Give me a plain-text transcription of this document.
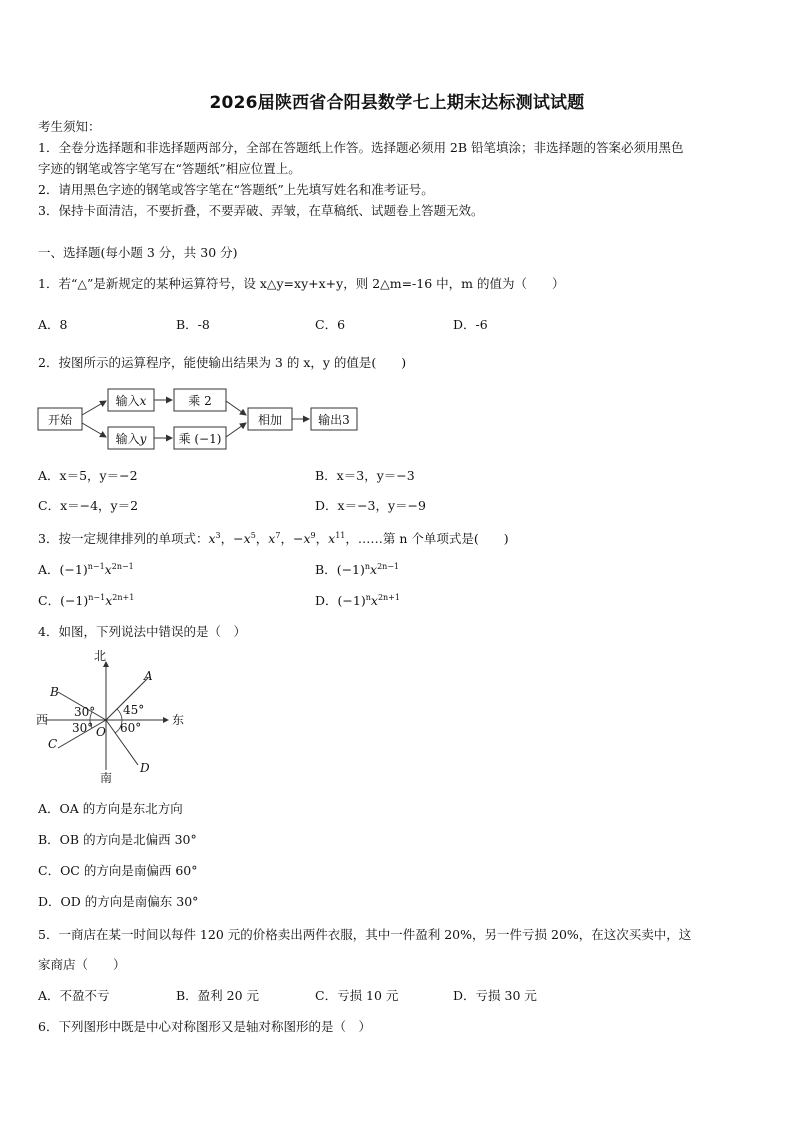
2026届陕西省合阳县数学七上期末达标测试试题
考生须知：
1．全卷分选择题和非选择题两部分，全部在答题纸上作答。选择题必须用 2B 铅笔填涂；非选择题的答案必须用黑色
字迹的钢笔或答字笔写在“答题纸”相应位置上。
2．请用黑色字迹的钢笔或答字笔在“答题纸”上先填写姓名和准考证号。
3．保持卡面清洁，不要折叠，不要弄破、弄皱，在草稿纸、试题卷上答题无效。
一、选择题(每小题 3 分，共 30 分)
1．若“△”是新规定的某种运算符号，设 x△y=xy+x+y，则 2△m=-16 中，m 的值为（　　）
A．8	B．-8	C．6	D．-6
2．按图所示的运算程序，能使输出结果为 3 的 x，y 的值是(　　)
开始
输入x
输入y
乘 2
乘 (−1)
相加	输出3
A．x＝5，y＝−2	B．x＝3，y＝−3
C．x＝−4，y＝2	D．x＝−3，y＝−9
3．按一定规律排列的单项式：$x^3$，$-x^5$，$x^7$，$-x^9$，$x^{11}$，……第 n 个单项式是(　　)
A．$(-1)^{n-1}x^{2n-1}$	B．$(-1)^nx^{2n-1}$
C．$(-1)^{n-1}x^{2n+1}$	D．$(-1)^nx^{2n+1}$
4．如图，下列说法中错误的是（　）
北
南
西	东
A
B
C
D
O
30°
30°
45°
60°
A．OA 的方向是东北方向
B．OB 的方向是北偏西 30°
C．OC 的方向是南偏西 60°
D．OD 的方向是南偏东 30°
5．一商店在某一时间以每件 120 元的价格卖出两件衣服，其中一件盈利 20%，另一件亏损 20%，在这次买卖中，这
家商店（　　）
A．不盈不亏	B．盈利 20 元	C．亏损 10 元	D．亏损 30 元
6．下列图形中既是中心对称图形又是轴对称图形的是（　）
